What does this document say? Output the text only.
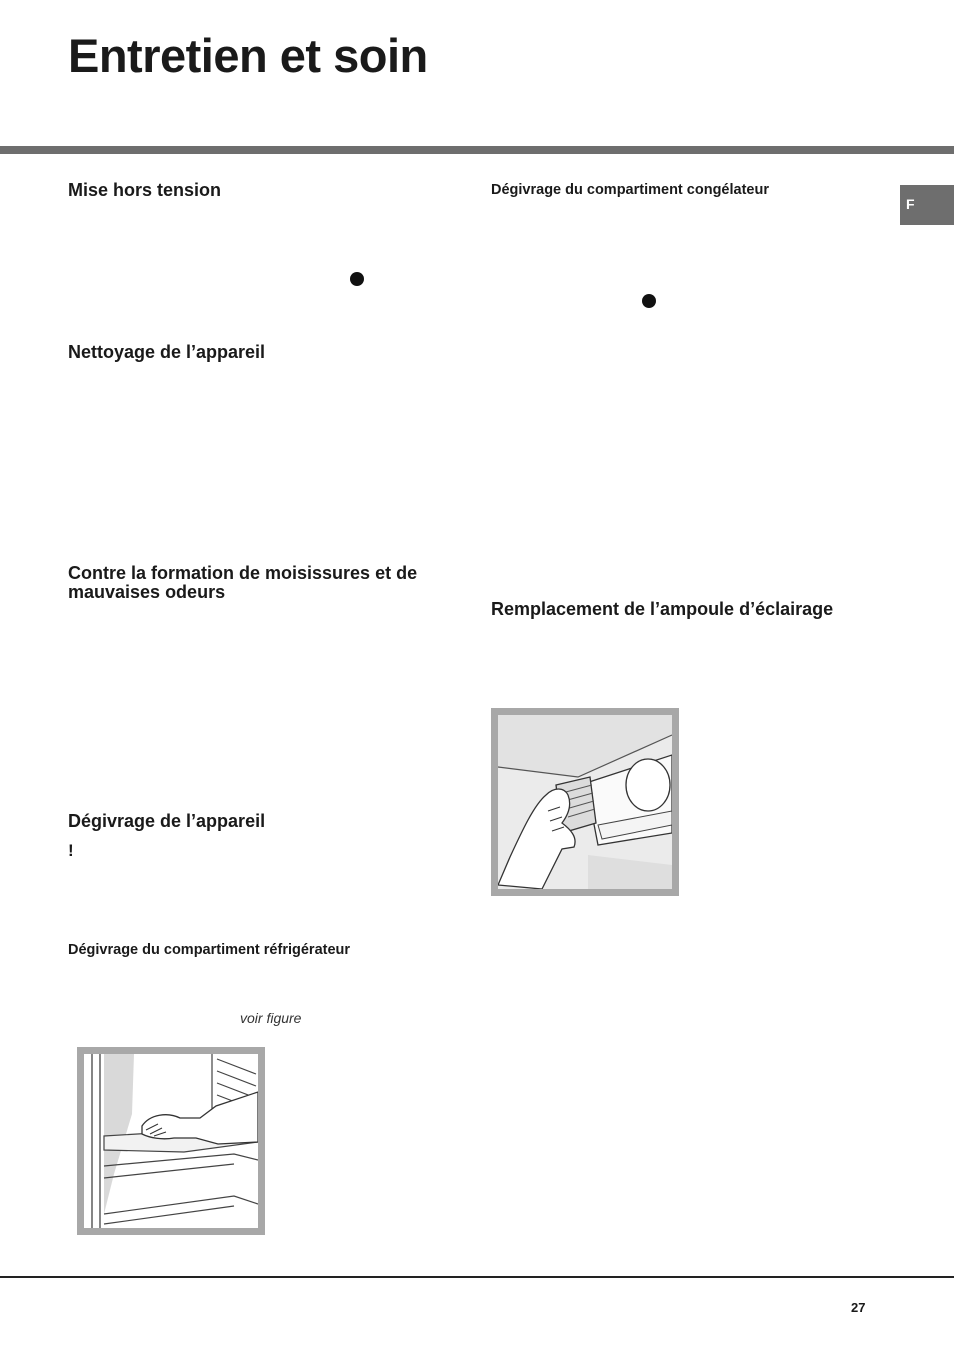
Entretien et soin
F
Mise hors tension
Nettoyage de l’appareil
Contre la formation de moisissures et de mauvaises odeurs
Dégivrage de l’appareil
!
Dégivrage du compartiment réfrigérateur
voir figure
Dégivrage du compartiment congélateur
Remplacement de l’ampoule d’éclairage
27
